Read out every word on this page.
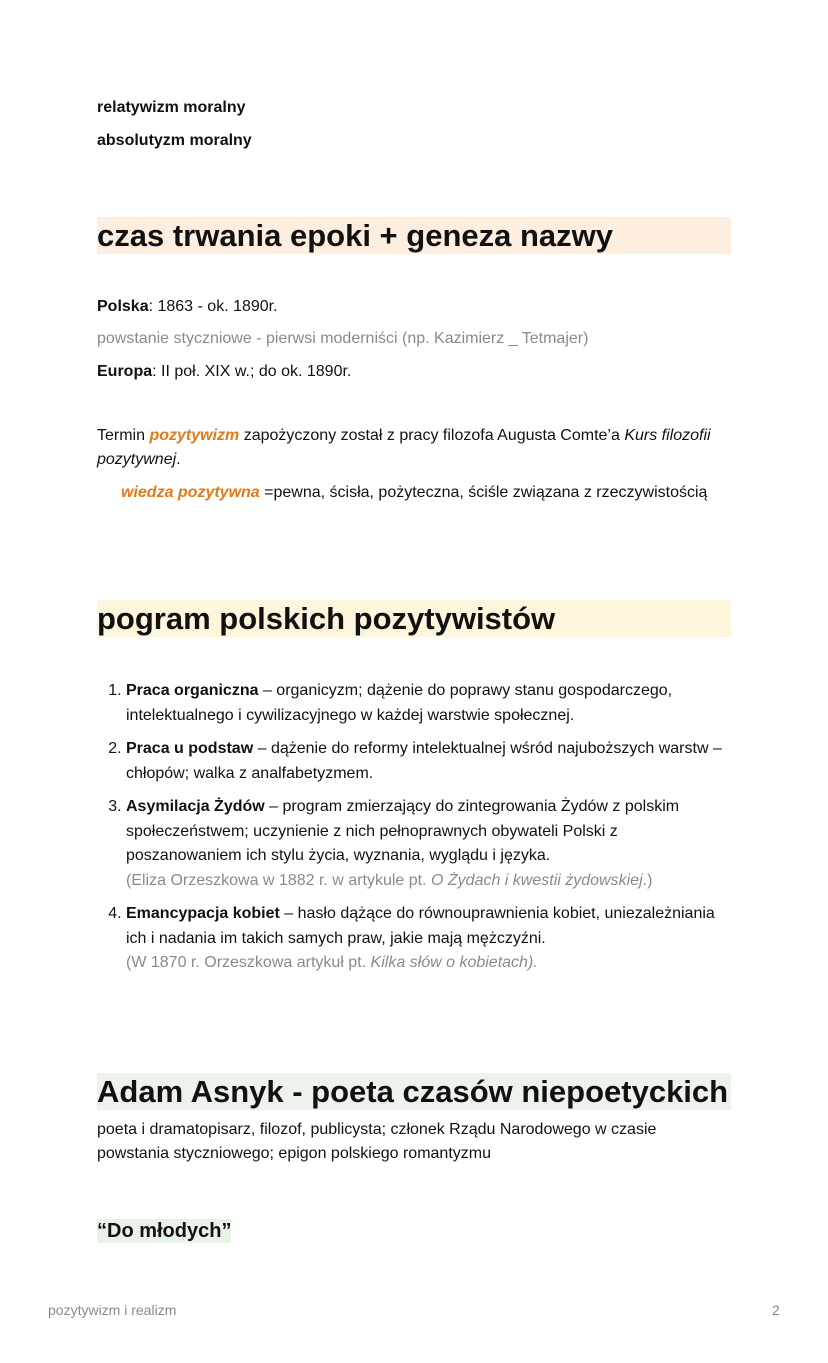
relatywizm moralny
absolutyzm moralny
czas trwania epoki + geneza nazwy
Polska: 1863 - ok. 1890r.
powstanie styczniowe - pierwsi moderniści (np. Kazimierz _ Tetmajer)
Europa: II poł. XIX w.; do ok. 1890r.
Termin pozytywizm zapożyczony został z pracy filozofa Augusta Comte’a Kurs filozofii pozytywnej.
wiedza pozytywna =pewna, ścisła, pożyteczna, ściśle związana z rzeczywistością
pogram polskich pozytywistów
1. Praca organiczna – organicyzm; dążenie do poprawy stanu gospodarczego, intelektualnego i cywilizacyjnego w każdej warstwie społecznej.
2. Praca u podstaw – dążenie do reformy intelektualnej wśród najuboższych warstw – chłopów; walka z analfabetyzmem.
3. Asymilacja Żydów – program zmierzający do zintegrowania Żydów z polskim społeczeństwem; uczynienie z nich pełnoprawnych obywateli Polski z poszanowaniem ich stylu życia, wyznania, wyglądu i języka.
(Eliza Orzeszkowa w 1882 r. w artykule pt. O Żydach i kwestii żydowskiej.)
4. Emancypacja kobiet – hasło dążące do równouprawnienia kobiet, uniezależniania ich i nadania im takich samych praw, jakie mają mężczyźni.
(W 1870 r. Orzeszkowa artykuł pt. Kilka słów o kobietach).
Adam Asnyk - poeta czasów niepoetyckich
poeta i dramatopisarz, filozof, publicysta; członek Rządu Narodowego w czasie powstania styczniowego; epigon polskiego romantyzmu
“Do młodych”
pozytywizm i realizm	2
